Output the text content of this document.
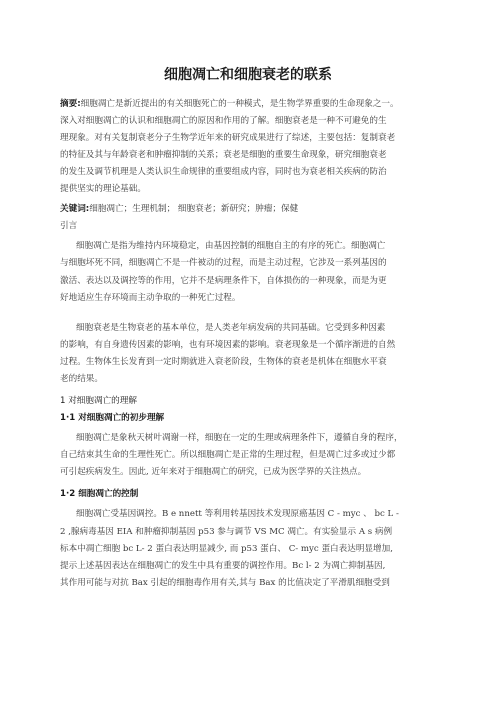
细胞凋亡和细胞衰老的联系
摘要:细胞凋亡是新近提出的有关细胞死亡的一种模式，是生物学界重要的生命现象之一。
深入对细胞凋亡的认识和细胞凋亡的原因和作用的了解。细胞衰老是一种不可避免的生
理现象。对有关复制衰老分子生物学近年来的研究成果进行了综述，主要包括：复制衰老
的特征及其与年龄衰老和肿瘤抑制的关系；衰老是细胞的重要生命现象，研究细胞衰老
的发生及调节机理是人类认识生命规律的重要组成内容，同时也为衰老相关疾病的防治
提供坚实的理论基础。
关键词:细胞凋亡；生理机制； 细胞衰老；新研究；肿瘤；保健
引言
细胞凋亡是指为维持内环境稳定，由基因控制的细胞自主的有序的死亡。细胞凋亡
与细胞坏死不同，细胞凋亡不是一件被动的过程，而是主动过程，它涉及一系列基因的
激活、表达以及调控等的作用，它并不是病理条件下，自体损伤的一种现象，而是为更
好地适应生存环境而主动争取的一种死亡过程。
细胞衰老是生物衰老的基本单位，是人类老年病发病的共同基础。它受到多种因素
的影响，有自身遗传因素的影响，也有环境因素的影响。衰老现象是一个循序渐进的自然
过程。生物体生长发育到一定时期就进入衰老阶段，生物体的衰老是机体在细胞水平衰
老的结果。
1 对细胞凋亡的理解
1·1 对细胞凋亡的初步理解
细胞凋亡是象秋天树叶凋谢一样，细胞在一定的生理或病理条件下，遵循自身的程序，
自己结束其生命的生理性死亡。所以细胞凋亡是正常的生理过程，但是凋亡过多或过少都
可引起疾病发生。因此, 近年来对于细胞凋亡的研究，已成为医学界的关注热点。
1·2 细胞凋亡的控制
细胞凋亡受基因调控。B e nnett 等利用转基因技术发现原癌基因 C - myc 、 bc L -
2 ,腺病毒基因 EIA 和肿瘤抑制基因 p53 参与调节 VS MC 凋亡。有实验显示 A s 病例
标本中凋亡细胞 bc L- 2 蛋白表达明显减少, 而 p53 蛋白、 C- myc 蛋白表达明显增加,
提示上述基因表达在细胞凋亡的发生中具有重要的调控作用。Bc l- 2 为凋亡抑制基因,
其作用可能与对抗 Bax 引起的细胞毒作用有关,其与 Bax 的比值决定了平滑肌细胞受到
